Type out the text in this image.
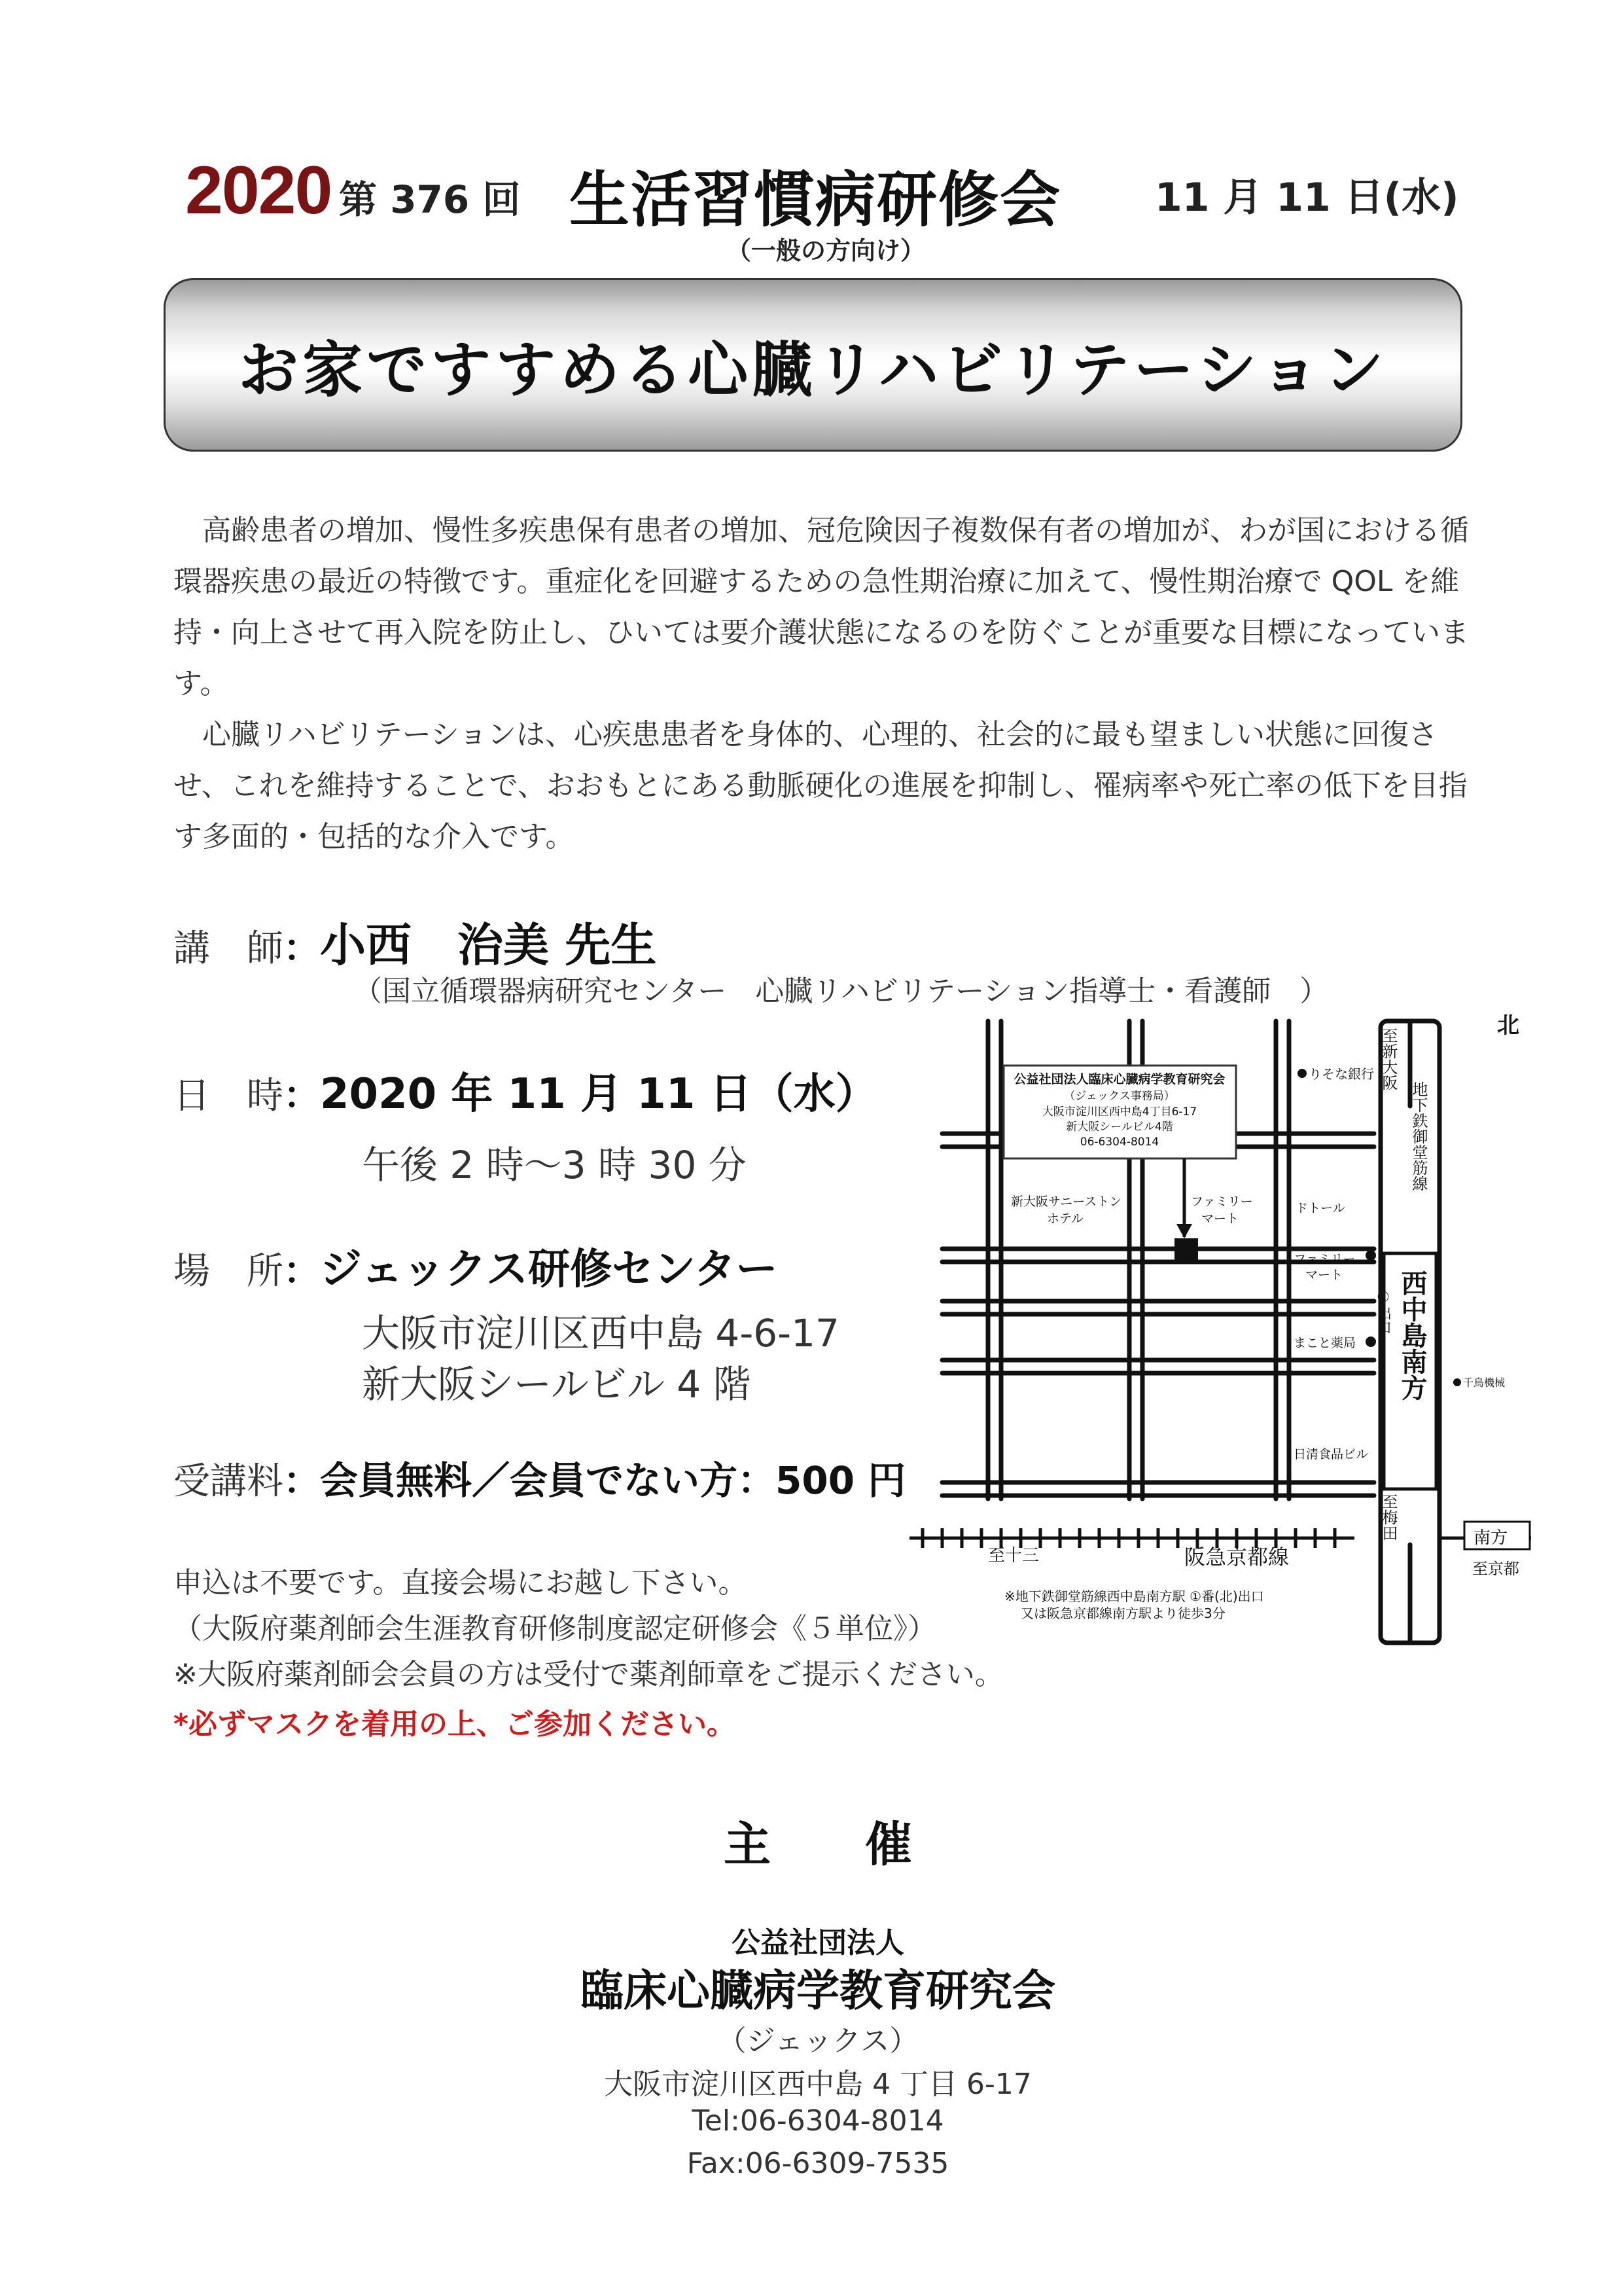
2020 第 376 回 生活習慣病研修会 11 月 11 日(水)
（一般の方向け）
お家ですすめる心臓リハビリテーション
高齢患者の増加、慢性多疾患保有患者の増加、冠危険因子複数保有者の増加が、わが国における循環器疾患の最近の特徴です。重症化を回避するための急性期治療に加えて、慢性期治療で QOL を維持・向上させて再入院を防止し、ひいては要介護状態になるのを防ぐことが重要な目標になっています。
心臓リハビリテーションは、心疾患患者を身体的、心理的、社会的に最も望ましい状態に回復させ、これを維持することで、おおもとにある動脈硬化の進展を抑制し、罹病率や死亡率の低下を目指す多面的・包括的な介入です。
講　師：小西　治美 先生
（国立循環器病研究センター　心臓リハビリテーション指導士・看護師　）
日　時：2020 年 11 月 11 日（水）
午後 2 時〜3 時 30 分
場　所：ジェックス研修センター
大阪市淀川区西中島 4-6-17
新大阪シールビル 4 階
受講料：会員無料／会員でない方：500 円
申込は不要です。直接会場にお越し下さい。
（大阪府薬剤師会生涯教育研修制度認定研修会《５単位》）
※大阪府薬剤師会会員の方は受付で薬剤師章をご提示ください。
*必ずマスクを着用の上、ご参加ください。
北
至新大阪
地下鉄御堂筋線
西中島南方
①出口
至梅田
至十三	阪急京都線
南方
至京都
公益社団法人臨床心臓病学教育研究会
（ジェックス事務局）
大阪市淀川区西中島4丁目6-17
新大阪シールビル4階
06-6304-8014
りそな銀行
新大阪サニーストン
ホテル
ファミリー
マート
ドトール
ファミリー
マート
まこと薬局
千鳥機械
日清食品ビル
※地下鉄御堂筋線西中島南方駅 ①番(北)出口
又は阪急京都線南方駅より徒歩3分
主　　催
公益社団法人
臨床心臓病学教育研究会
（ジェックス）
大阪市淀川区西中島 4 丁目 6-17
Tel:06-6304-8014
Fax:06-6309-7535
